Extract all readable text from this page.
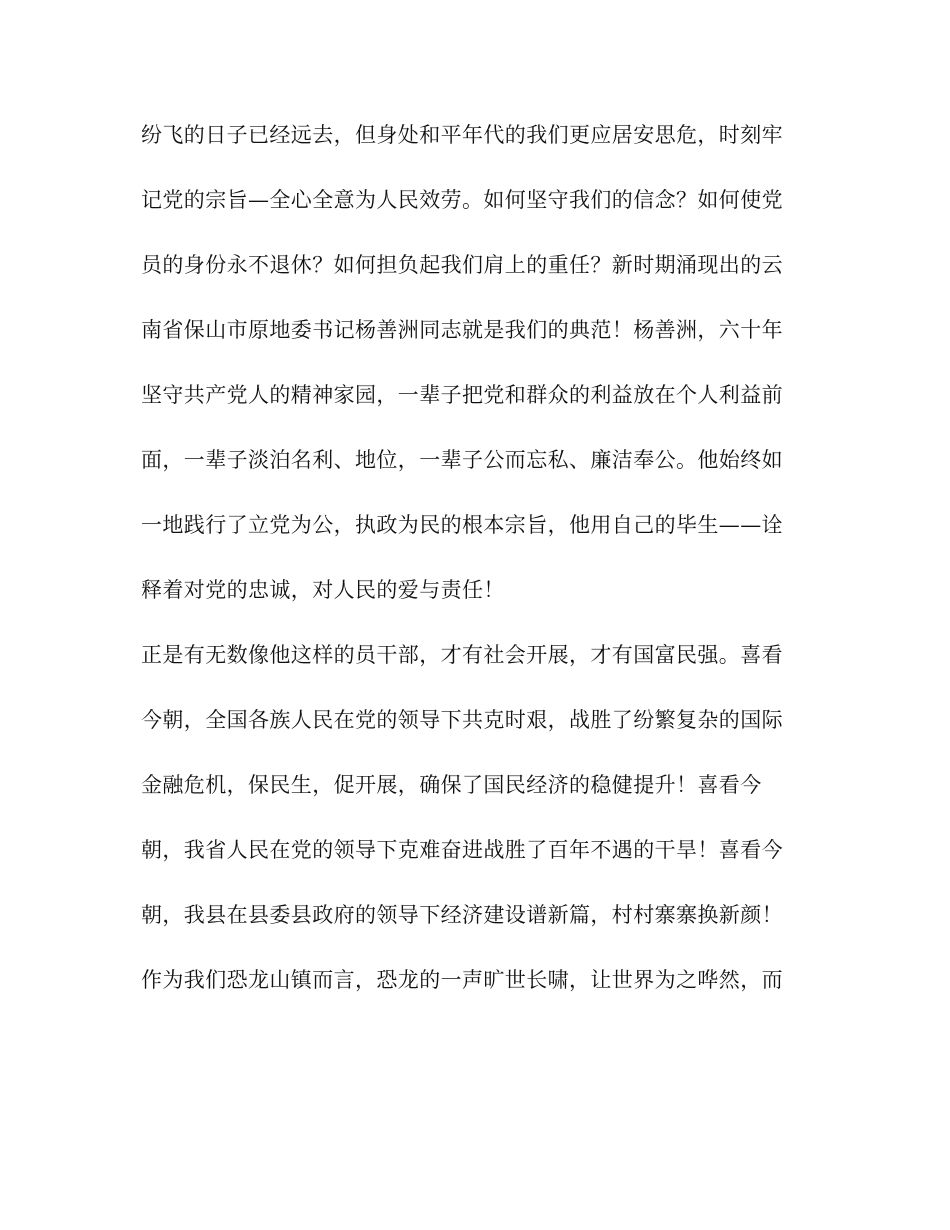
纷飞的日子已经远去，但身处和平年代的我们更应居安思危，时刻牢
记党的宗旨—全心全意为人民效劳。如何坚守我们的信念？如何使党
员的身份永不退休？如何担负起我们肩上的重任？新时期涌现出的云
南省保山市原地委书记杨善洲同志就是我们的典范！杨善洲，六十年
坚守共产党人的精神家园，一辈子把党和群众的利益放在个人利益前
面，一辈子淡泊名利、地位，一辈子公而忘私、廉洁奉公。他始终如
一地践行了立党为公，执政为民的根本宗旨，他用自己的毕生——诠
释着对党的忠诚，对人民的爱与责任！
正是有无数像他这样的员干部，才有社会开展，才有国富民强。喜看
今朝，全国各族人民在党的领导下共克时艰，战胜了纷繁复杂的国际
金融危机，保民生，促开展，确保了国民经济的稳健提升！喜看今
朝，我省人民在党的领导下克难奋进战胜了百年不遇的干旱！喜看今
朝，我县在县委县政府的领导下经济建设谱新篇，村村寨寨换新颜！
作为我们恐龙山镇而言，恐龙的一声旷世长啸，让世界为之哗然，而
